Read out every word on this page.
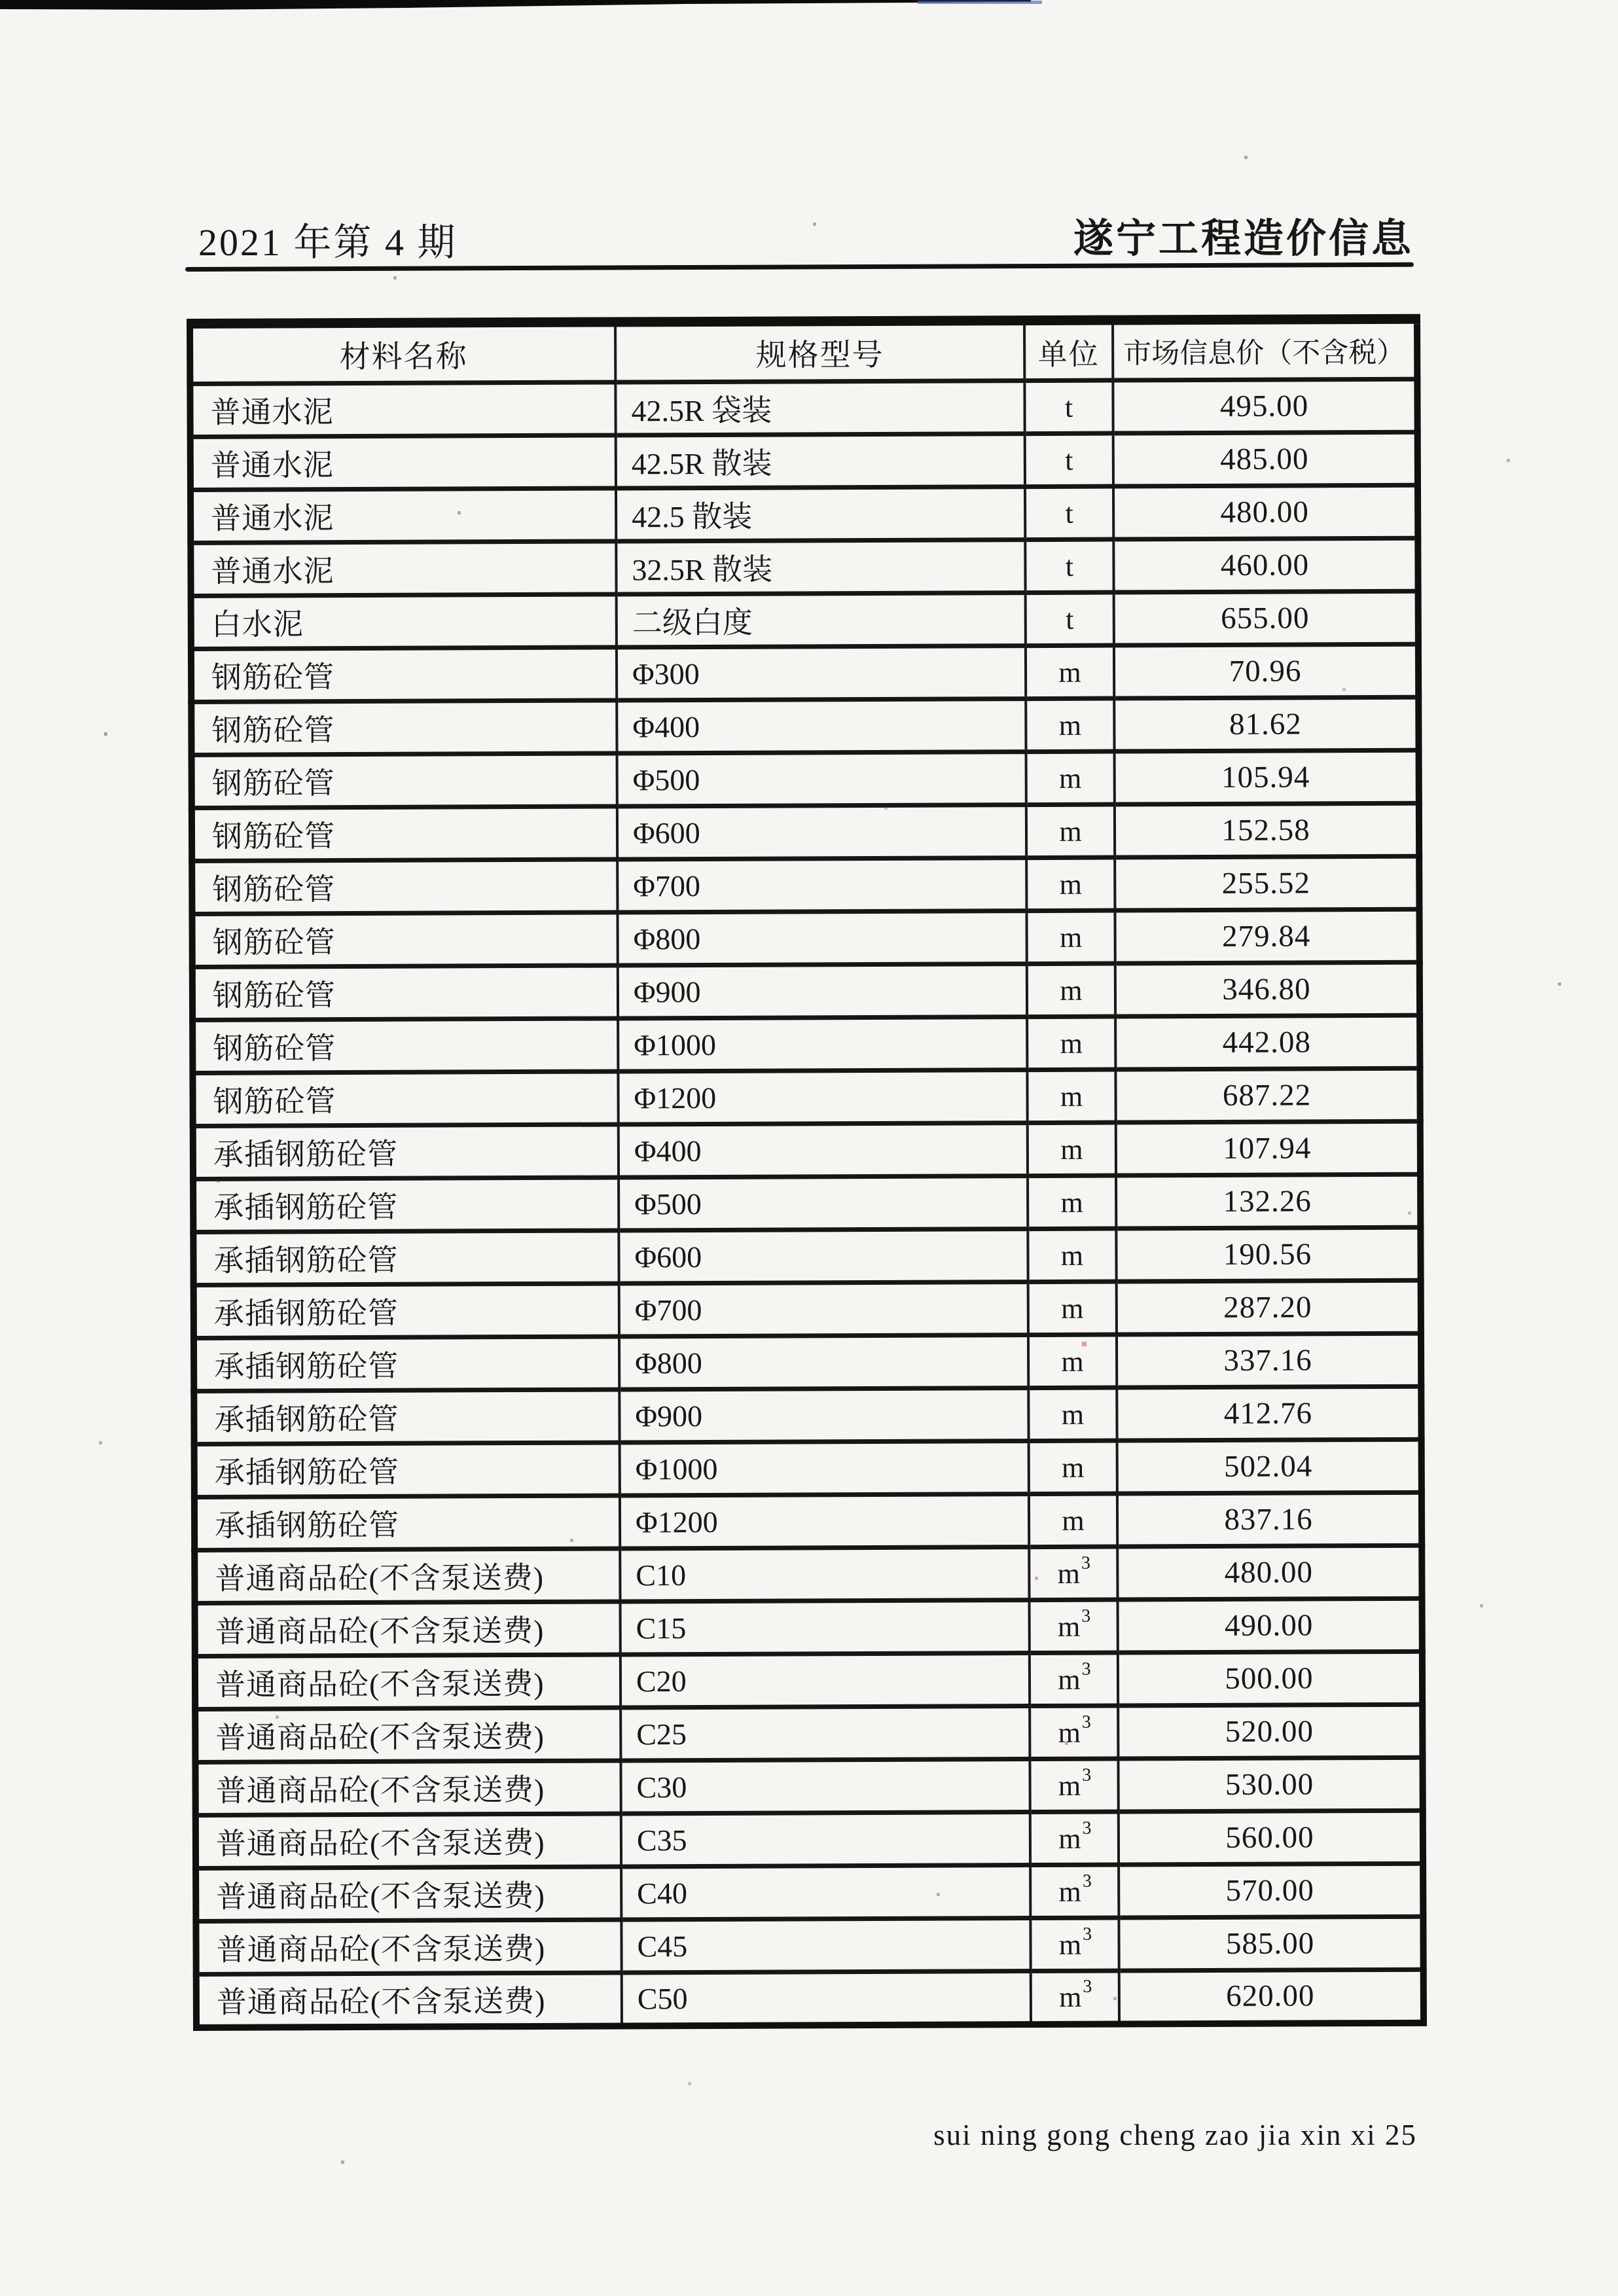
2021 年第 4 期	遂宁工程造价信息
材料名称	规格型号	单位	市场信息价（不含税）
普通水泥	42.5R 袋装	t	495.00
普通水泥	42.5R 散装	t	485.00
普通水泥	42.5 散装	t	480.00
普通水泥	32.5R 散装	t	460.00
白水泥	二级白度	t	655.00
钢筋砼管	Φ300	m	70.96
钢筋砼管	Φ400	m	81.62
钢筋砼管	Φ500	m	105.94
钢筋砼管	Φ600	m	152.58
钢筋砼管	Φ700	m	255.52
钢筋砼管	Φ800	m	279.84
钢筋砼管	Φ900	m	346.80
钢筋砼管	Φ1000	m	442.08
钢筋砼管	Φ1200	m	687.22
承插钢筋砼管	Φ400	m	107.94
承插钢筋砼管	Φ500	m	132.26
承插钢筋砼管	Φ600	m	190.56
承插钢筋砼管	Φ700	m	287.20
承插钢筋砼管	Φ800	m	337.16
承插钢筋砼管	Φ900	m	412.76
承插钢筋砼管	Φ1000	m	502.04
承插钢筋砼管	Φ1200	m	837.16
普通商品砼(不含泵送费)	C10	$m^3$	480.00
普通商品砼(不含泵送费)	C15	$m^3$	490.00
普通商品砼(不含泵送费)	C20	$m^3$	500.00
普通商品砼(不含泵送费)	C25	$m^3$	520.00
普通商品砼(不含泵送费)	C30	$m^3$	530.00
普通商品砼(不含泵送费)	C35	$m^3$	560.00
普通商品砼(不含泵送费)	C40	$m^3$	570.00
普通商品砼(不含泵送费)	C45	$m^3$	585.00
普通商品砼(不含泵送费)	C50	$m^3$	620.00
sui ning gong cheng zao jia xin xi 25
